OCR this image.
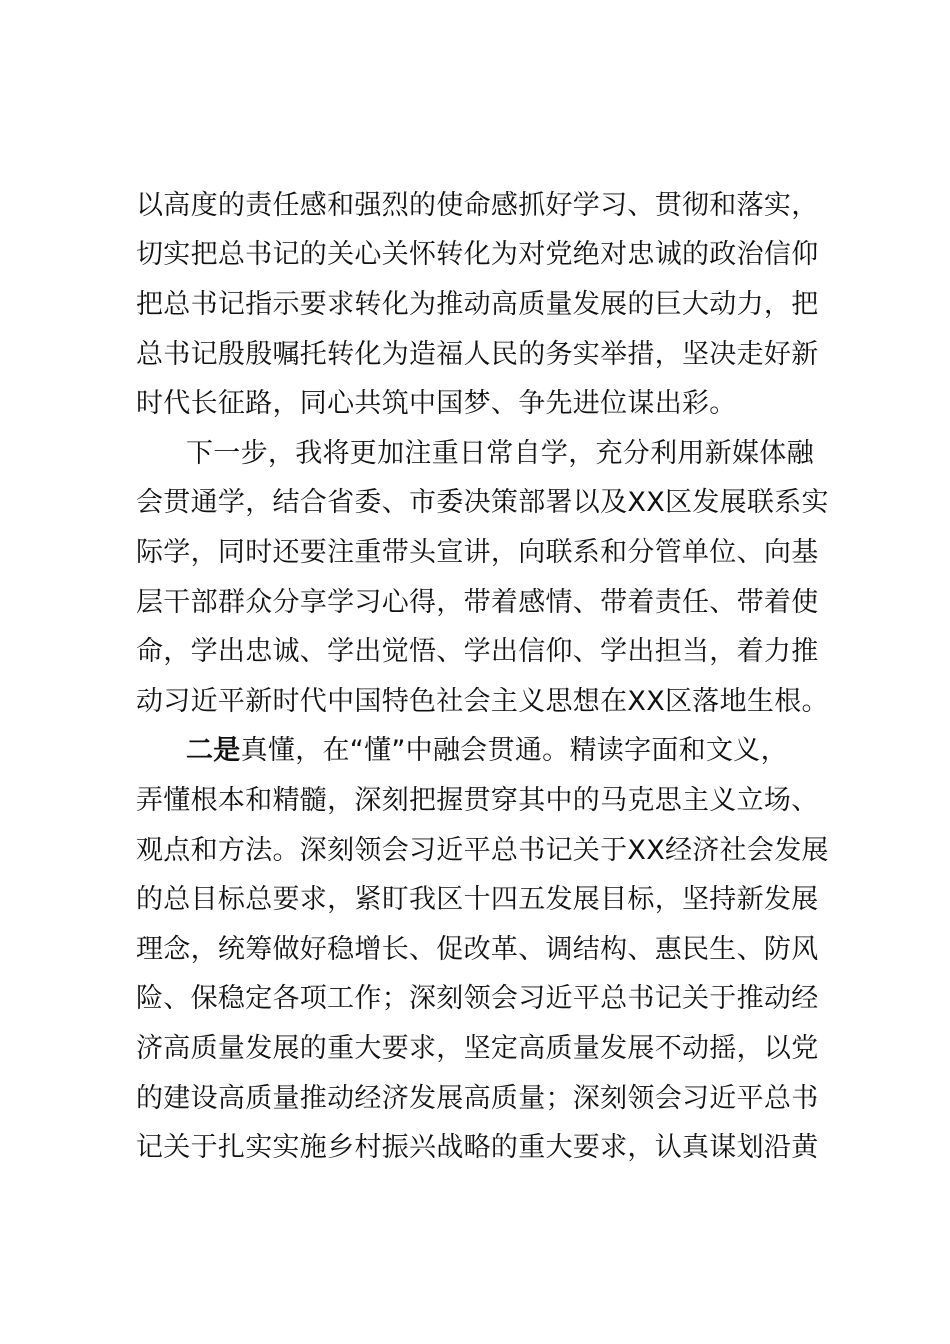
以高度的责任感和强烈的使命感抓好学习、贯彻和落实，
切实把总书记的关心关怀转化为对党绝对忠诚的政治信仰
把总书记指示要求转化为推动高质量发展的巨大动力，把
总书记殷殷嘱托转化为造福人民的务实举措，坚决走好新
时代长征路，同心共筑中国梦、争先进位谋出彩。
下一步，我将更加注重日常自学，充分利用新媒体融
会贯通学，结合省委、市委决策部署以及XX区发展联系实
际学，同时还要注重带头宣讲，向联系和分管单位、向基
层干部群众分享学习心得，带着感情、带着责任、带着使
命，学出忠诚、学出觉悟、学出信仰、学出担当，着力推
动习近平新时代中国特色社会主义思想在XX区落地生根。
二是真懂，在“懂”中融会贯通。精读字面和文义，
弄懂根本和精髓，深刻把握贯穿其中的马克思主义立场、
观点和方法。深刻领会习近平总书记关于XX经济社会发展
的总目标总要求，紧盯我区十四五发展目标，坚持新发展
理念，统筹做好稳增长、促改革、调结构、惠民生、防风
险、保稳定各项工作；深刻领会习近平总书记关于推动经
济高质量发展的重大要求，坚定高质量发展不动摇，以党
的建设高质量推动经济发展高质量；深刻领会习近平总书
记关于扎实实施乡村振兴战略的重大要求，认真谋划沿黄
